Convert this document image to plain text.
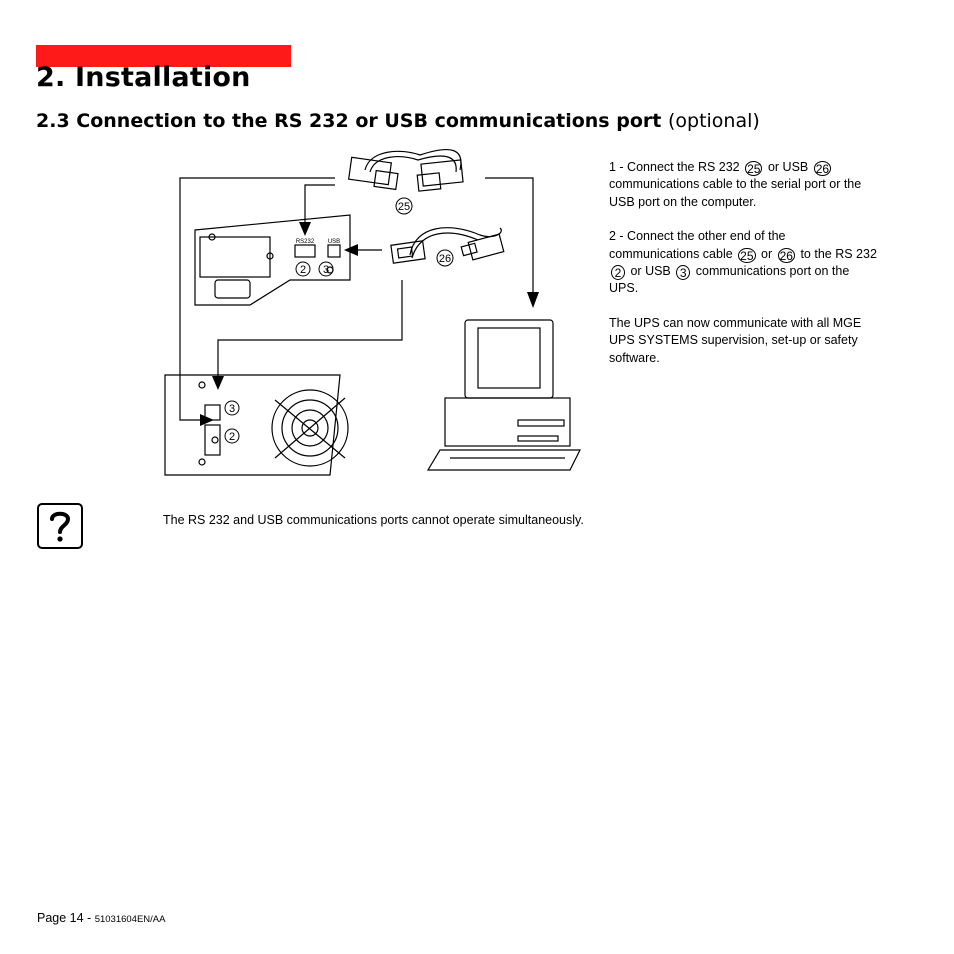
2. Installation
2.3 Connection to the RS 232 or USB communications port (optional)
25
26
2 3
3
2
RS232 USB

1 - Connect the RS 232 25 or USB 26 communications cable to the serial port or the USB port on the computer.

2 - Connect the other end of the communications cable 25 or 26 to the RS 232 2 or USB 3 communications port on the UPS.

The UPS can now communicate with all MGE UPS SYSTEMS supervision, set-up or safety software.

The RS 232 and USB communications ports cannot operate simultaneously.
Page 14 - 51031604EN/AA
